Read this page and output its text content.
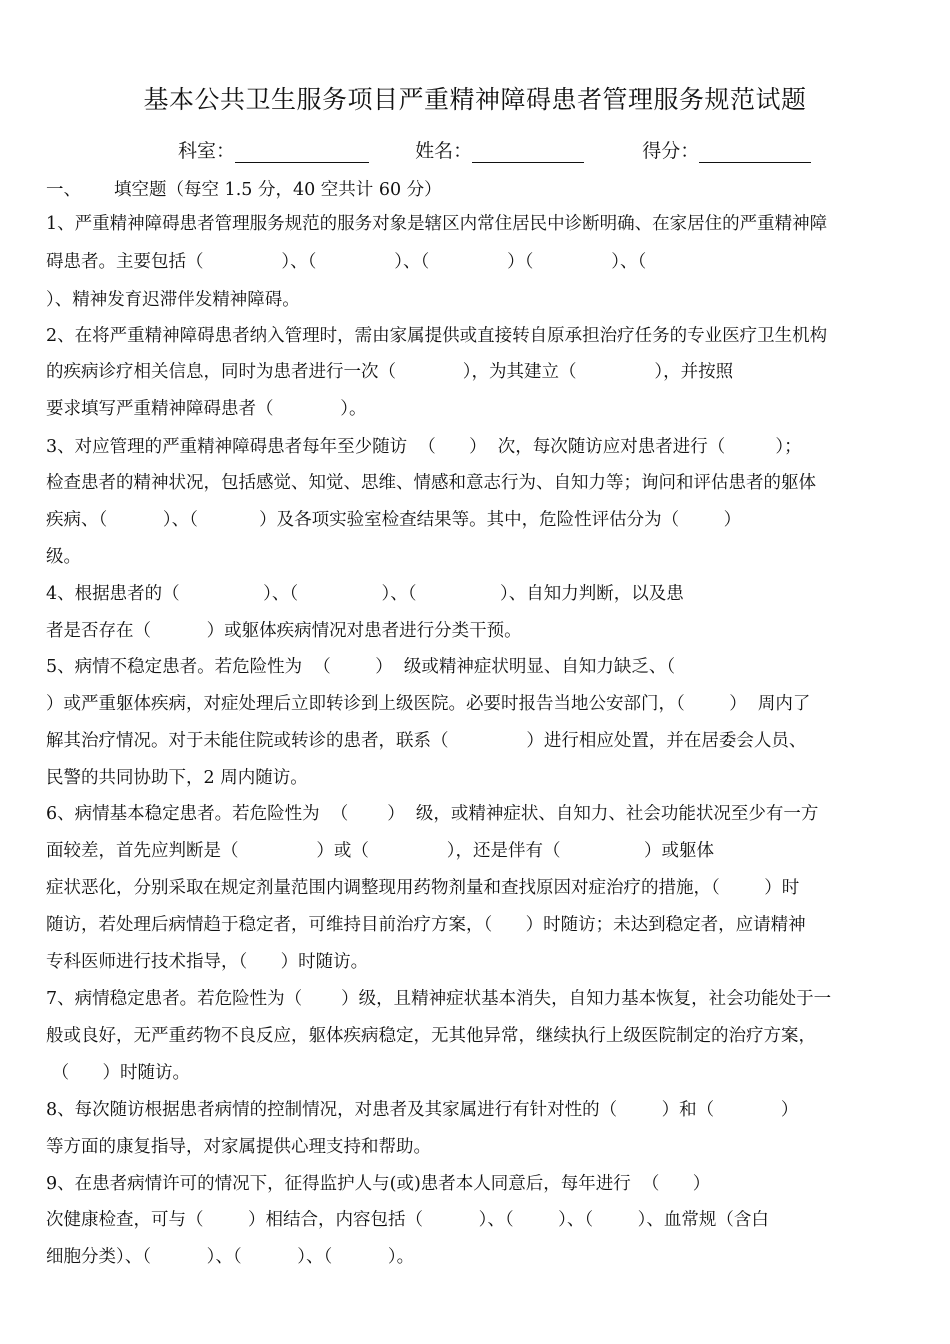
基本公共卫生服务项目严重精神障碍患者管理服务规范试题
科室：	姓名：	得分：
一、 填空题（每空 1.5 分，40 空共计 60 分）
1、严重精神障碍患者管理服务规范的服务对象是辖区内常住居民中诊断明确、在家居住的严重精神障
碍患者。主要包括（              ）、（              ）、（              ）（              ）、（
）、精神发育迟滞伴发精神障碍。
2、在将严重精神障碍患者纳入管理时，需由家属提供或直接转自原承担治疗任务的专业医疗卫生机构
的疾病诊疗相关信息，同时为患者进行一次（            ），为其建立（              ），并按照
要求填写严重精神障碍患者（            ）。
3、对应管理的严重精神障碍患者每年至少随访  （      ）  次，每次随访应对患者进行（         ）；
检查患者的精神状况，包括感觉、知觉、思维、情感和意志行为、自知力等；询问和评估患者的躯体
疾病、（          ）、（           ）及各项实验室检查结果等。其中，危险性评估分为（        ）
级。
4、根据患者的（               ）、（               ）、（               ）、自知力判断，以及患
者是否存在（          ）或躯体疾病情况对患者进行分类干预。
5、病情不稳定患者。若危险性为  （        ）  级或精神症状明显、自知力缺乏、（
）或严重躯体疾病，对症处理后立即转诊到上级医院。必要时报告当地公安部门，（        ）  周内了
解其治疗情况。对于未能住院或转诊的患者，联系（              ）进行相应处置，并在居委会人员、
民警的共同协助下，2 周内随访。
6、病情基本稳定患者。若危险性为  （       ）  级，或精神症状、自知力、社会功能状况至少有一方
面较差，首先应判断是（              ）或（              ），还是伴有（               ）或躯体
症状恶化，分别采取在规定剂量范围内调整现用药物剂量和查找原因对症治疗的措施，（        ）时
随访，若处理后病情趋于稳定者，可维持目前治疗方案，（      ）时随访；未达到稳定者，应请精神
专科医师进行技术指导，（      ）时随访。
7、病情稳定患者。若危险性为（       ）级，且精神症状基本消失，自知力基本恢复，社会功能处于一
般或良好，无严重药物不良反应，躯体疾病稳定，无其他异常，继续执行上级医院制定的治疗方案，
（      ）时随访。
8、每次随访根据患者病情的控制情况，对患者及其家属进行有针对性的（        ）和（            ）
等方面的康复指导，对家属提供心理支持和帮助。
9、在患者病情许可的情况下，征得监护人与(或)患者本人同意后，每年进行  （      ）
次健康检查，可与（        ）相结合，内容包括（          ）、（        ）、（        ）、血常规（含白
细胞分类）、（          ）、（          ）、（          ）。
